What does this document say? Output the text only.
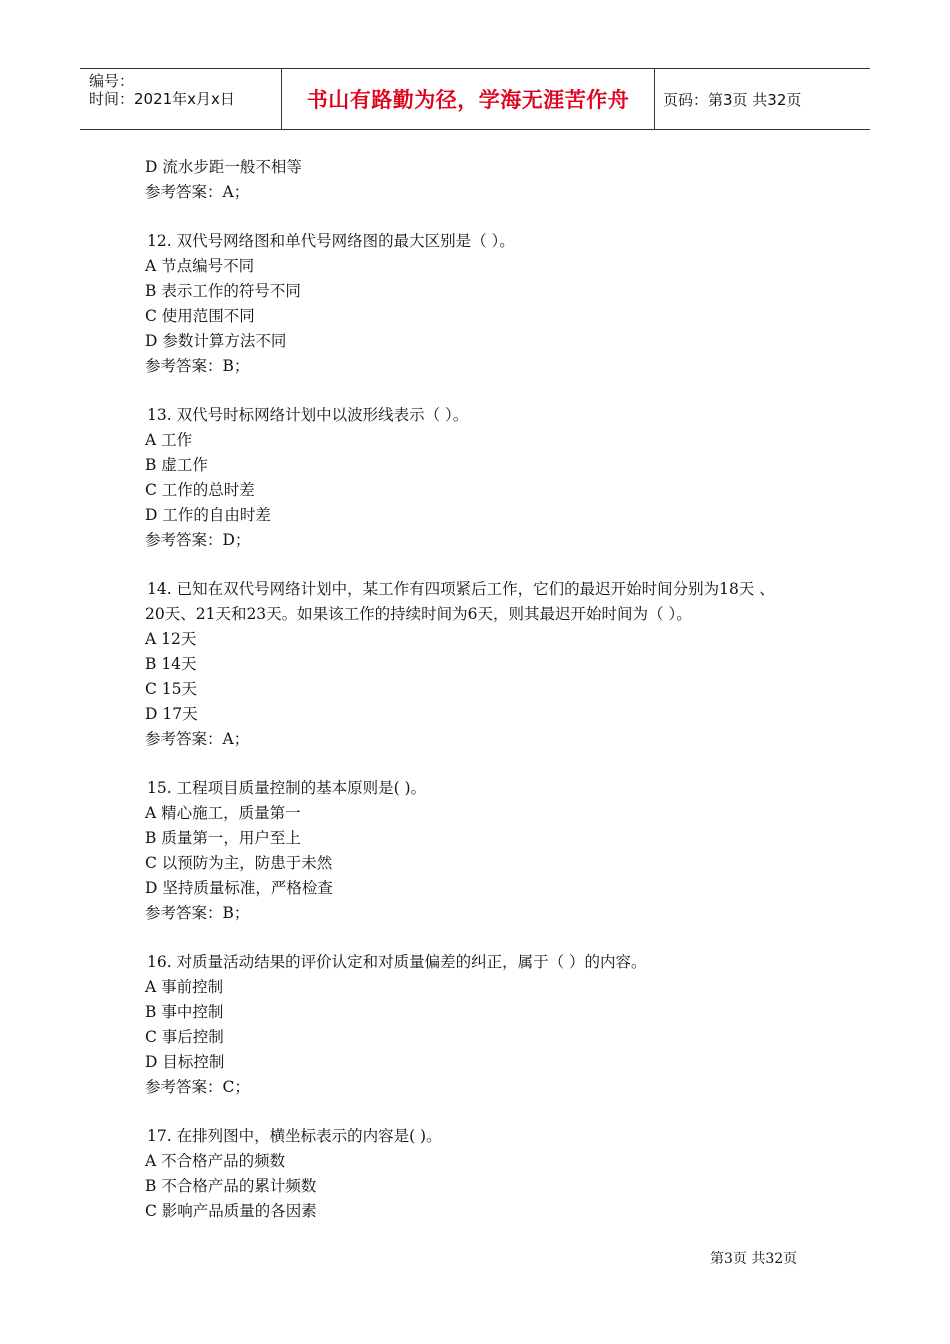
编号：
时间：2021年x月x日	书山有路勤为径，学海无涯苦作舟	页码：第3页 共32页
D 流水步距一般不相等
参考答案：A；
12. 双代号网络图和单代号网络图的最大区别是（ ）。
A 节点编号不同
B 表示工作的符号不同
C 使用范围不同
D 参数计算方法不同
参考答案：B；
13. 双代号时标网络计划中以波形线表示（ ）。
A 工作
B 虚工作
C 工作的总时差
D 工作的自由时差
参考答案：D；
14. 已知在双代号网络计划中，某工作有四项紧后工作，它们的最迟开始时间分别为18天 、
20天、21天和23天。如果该工作的持续时间为6天，则其最迟开始时间为（ ）。
A 12天
B 14天
C 15天
D 17天
参考答案：A；
15. 工程项目质量控制的基本原则是( )。
A 精心施工，质量第一
B 质量第一，用户至上
C 以预防为主，防患于未然
D 坚持质量标准，严格检查
参考答案：B；
16. 对质量活动结果的评价认定和对质量偏差的纠正，属于（ ）的内容。
A 事前控制
B 事中控制
C 事后控制
D 目标控制
参考答案：C；
17. 在排列图中，横坐标表示的内容是( )。
A 不合格产品的频数
B 不合格产品的累计频数
C 影响产品质量的各因素
第3页 共32页
